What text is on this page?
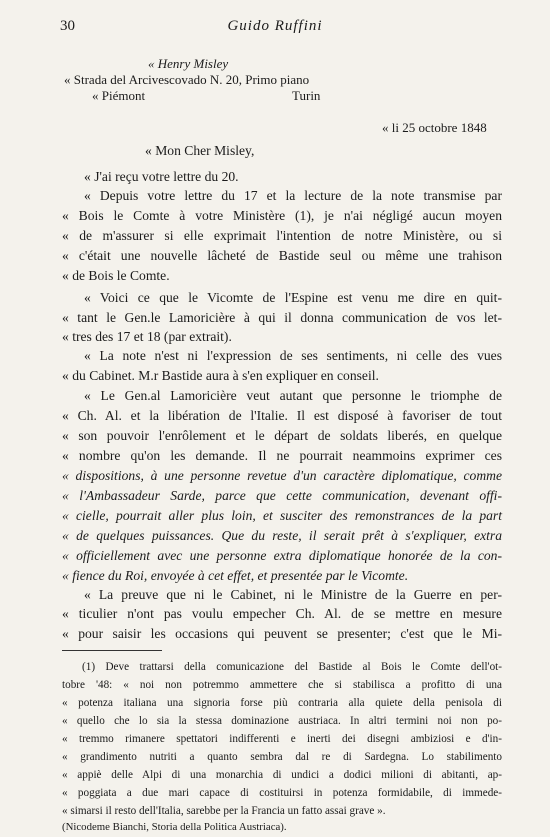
30	Guido Ruffini
« Henry Misley
« Strada del Arcivescovado N. 20, Primo piano
« Piémont	Turin
« li 25 octobre 1848
« Mon Cher Misley,
« J'ai reçu votre lettre du 20.
« Depuis votre lettre du 17 et la lecture de la note transmise par
« Bois le Comte à votre Ministère (1), je n'ai négligé aucun moyen
« de m'assurer si elle exprimait l'intention de notre Ministère, ou si
« c'était une nouvelle lâcheté de Bastide seul ou même une trahison
« de Bois le Comte.
« Voici ce que le Vicomte de l'Espine est venu me dire en quit-
« tant le Gen.le Lamoricière à qui il donna communication de vos let-
« tres des 17 et 18 (par extrait).
« La note n'est ni l'expression de ses sentiments, ni celle des vues
« du Cabinet. M.r Bastide aura à s'en expliquer en conseil.
« Le Gen.al Lamoricière veut autant que personne le triomphe de
« Ch. Al. et la libération de l'Italie. Il est disposé à favoriser de tout
« son pouvoir l'enrôlement et le départ de soldats liberés, en quelque
« nombre qu'on les demande. Il ne pourrait neammoins exprimer ces
« dispositions, à une personne revetue d'un caractère diplomatique, comme
« l'Ambassadeur Sarde, parce que cette communication, devenant offi-
« cielle, pourrait aller plus loin, et susciter des remonstrances de la part
« de quelques puissances. Que du reste, il serait prêt à s'expliquer, extra
« officiellement avec une personne extra diplomatique honorée de la con-
« fience du Roi, envoyée à cet effet, et presentée par le Vicomte.
« La preuve que ni le Cabinet, ni le Ministre de la Guerre en per-
« ticulier n'ont pas voulu empecher Ch. Al. de se mettre en mesure
« pour saisir les occasions qui peuvent se presenter; c'est que le Mi-
(1) Deve trattarsi della comunicazione del Bastide al Bois le Comte dell'ot-
tobre '48: « noi non potremmo ammettere che si stabilisca a profitto di una
« potenza italiana una signoria forse più contraria alla quiete della penisola di
« quello che lo sia la stessa dominazione austriaca. In altri termini noi non po-
« tremmo rimanere spettatori indifferenti e inerti dei disegni ambiziosi e d'in-
« grandimento nutriti a quanto sembra dal re di Sardegna. Lo stabilimento
« appiè delle Alpi di una monarchia di undici a dodici milioni di abitanti, ap-
« poggiata a due mari capace di costituirsi in potenza formidabile, di immede-
« simarsi il resto dell'Italia, sarebbe per la Francia un fatto assai grave ».
(Nicodeme Bianchi, Storia della Politica Austriaca).
